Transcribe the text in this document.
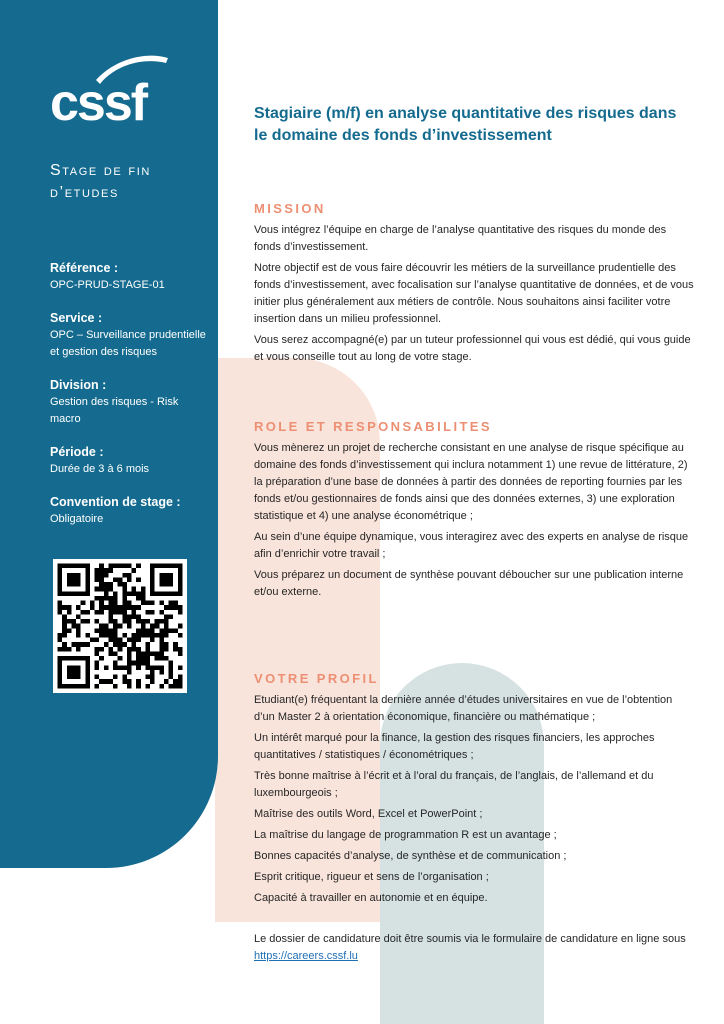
cssf
Stage de fin
d’etudes

Référence :

OPC-PRUD-STAGE-01

Service :

OPC – Surveillance prudentielle et gestion des risques

Division :

Gestion des risques - Risk macro

Période :

Durée de 3 à 6 mois

Convention de stage :

Obligatoire

Stagiaire (m/f) en analyse quantitative des risques dans le domaine des fonds d’investissement
MISSION

Vous intégrez l’équipe en charge de l’analyse quantitative des risques du monde des fonds d’investissement.

Notre objectif est de vous faire découvrir les métiers de la surveillance prudentielle des fonds d’investissement, avec focalisation sur l’analyse quantitative de données, et de vous initier plus généralement aux métiers de contrôle. Nous souhaitons ainsi faciliter votre insertion dans un milieu professionnel.

Vous serez accompagné(e) par un tuteur professionnel qui vous est dédié, qui vous guide et vous conseille tout au long de votre stage.

ROLE ET RESPONSABILITES

Vous mènerez un projet de recherche consistant en une analyse de risque spécifique au domaine des fonds d’investissement qui inclura notamment 1) une revue de littérature, 2) la préparation d’une base de données à partir des données de reporting fournies par les fonds et/ou gestionnaires de fonds ainsi que des données externes, 3) une exploration statistique et 4) une analyse économétrique ;

Au sein d’une équipe dynamique, vous interagirez avec des experts en analyse de risque afin d’enrichir votre travail ;

Vous préparez un document de synthèse pouvant déboucher sur une publication interne et/ou externe.

VOTRE PROFIL

Etudiant(e) fréquentant la dernière année d’études universitaires en vue de l’obtention d’un Master 2 à orientation économique, financière ou mathématique ;

Un intérêt marqué pour la finance, la gestion des risques financiers, les approches quantitatives / statistiques / économétriques ;

Très bonne maîtrise à l’écrit et à l’oral du français, de l’anglais, de l’allemand et du luxembourgeois ;

Maîtrise des outils Word, Excel et PowerPoint ;

La maîtrise du langage de programmation R est un avantage ;

Bonnes capacités d’analyse, de synthèse et de communication ;

Esprit critique, rigueur et sens de l’organisation ;

Capacité à travailler en autonomie et en équipe.

Le dossier de candidature doit être soumis via le formulaire de candidature en ligne sous https://careers.cssf.lu
